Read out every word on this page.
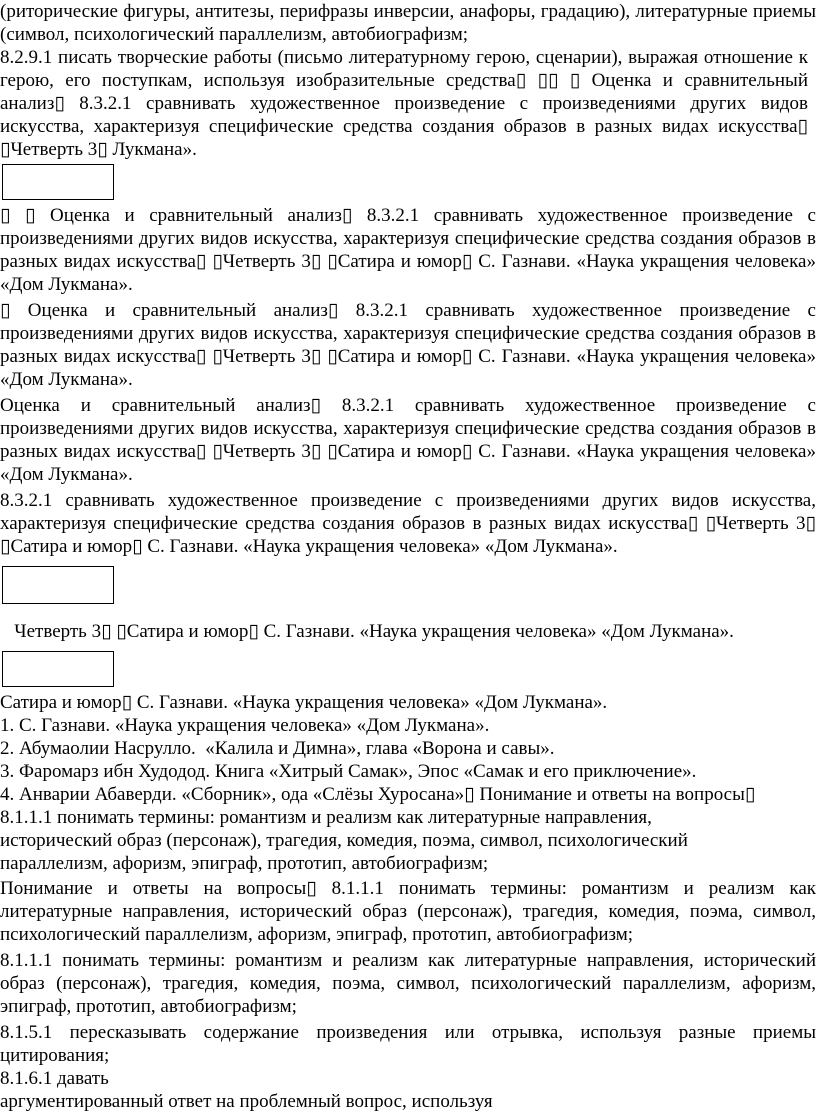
(риторические фигуры, антитезы, перифразы инверсии, анафоры, градацию), литературные приемы (символ, психологический параллелизм, автобиографизм;

8.2.9.1 писать творческие работы (письмо литературному герою, сценарии), выражая отношение к герою, его поступкам, используя изобразительные средства▯ ▯▯ ▯ Оценка и сравнительный анализ▯ 8.3.2.1 сравнивать художественное произведение с произведениями других видов искусства, характеризуя специфические средства создания образов в разных видах искусства▯ ▯Четверть 3▯ Лукмана».

▯ ▯ Оценка и сравнительный анализ▯ 8.3.2.1 сравнивать художественное произведение с произведениями других видов искусства, характеризуя специфические средства создания образов в разных видах искусства▯ ▯Четверть 3▯ ▯Сатира и юмор▯ С. Газнави. «Наука укращения человека» «Дом Лукмана».

▯ Оценка и сравнительный анализ▯ 8.3.2.1 сравнивать художественное произведение с произведениями других видов искусства, характеризуя специфические средства создания образов в разных видах искусства▯ ▯Четверть 3▯ ▯Сатира и юмор▯ С. Газнави. «Наука укращения человека» «Дом Лукмана».

Оценка и сравнительный анализ▯ 8.3.2.1 сравнивать художественное произведение с произведениями других видов искусства, характеризуя специфические средства создания образов в разных видах искусства▯ ▯Четверть 3▯ ▯Сатира и юмор▯ С. Газнави. «Наука укращения человека» «Дом Лукмана».

8.3.2.1 сравнивать художественное произведение с произведениями других видов искусства, характеризуя специфические средства создания образов в разных видах искусства▯ ▯Четверть 3▯ ▯Сатира и юмор▯ С. Газнави. «Наука укращения человека» «Дом Лукмана».

Четверть 3▯ ▯Сатира и юмор▯ С. Газнави. «Наука укращения человека» «Дом Лукмана».

Сатира и юмор▯ С. Газнави. «Наука укращения человека» «Дом Лукмана».

1. С. Газнави. «Наука укращения человека» «Дом Лукмана».

2. Абумаолии Насрулло.  «Калила и Димна», глава «Ворона и савы».

3. Фаромарз ибн Худодод. Книга «Хитрый Самак», Эпос «Самак и его приключение».

4. Анварии Абаверди. «Сборник», ода «Слёзы Хуросана»▯ Понимание и ответы на вопросы▯ 8.1.1.1 понимать термины: романтизм и реализм как литературные направления, исторический образ (персонаж), трагедия, комедия, поэма, символ, психологический параллелизм, афоризм, эпиграф, прототип, автобиографизм;

Понимание и ответы на вопросы▯ 8.1.1.1 понимать термины: романтизм и реализм как литературные направления, исторический образ (персонаж), трагедия, комедия, поэма, символ, психологический параллелизм, афоризм, эпиграф, прототип, автобиографизм;

8.1.1.1 понимать термины: романтизм и реализм как литературные направления, исторический образ (персонаж), трагедия, комедия, поэма, символ, психологический параллелизм, афоризм, эпиграф, прототип, автобиографизм;

8.1.5.1 пересказывать содержание произведения или отрывка, используя разные приемы цитирования;

8.1.6.1 давать

аргументированный ответ на проблемный вопрос, используя
